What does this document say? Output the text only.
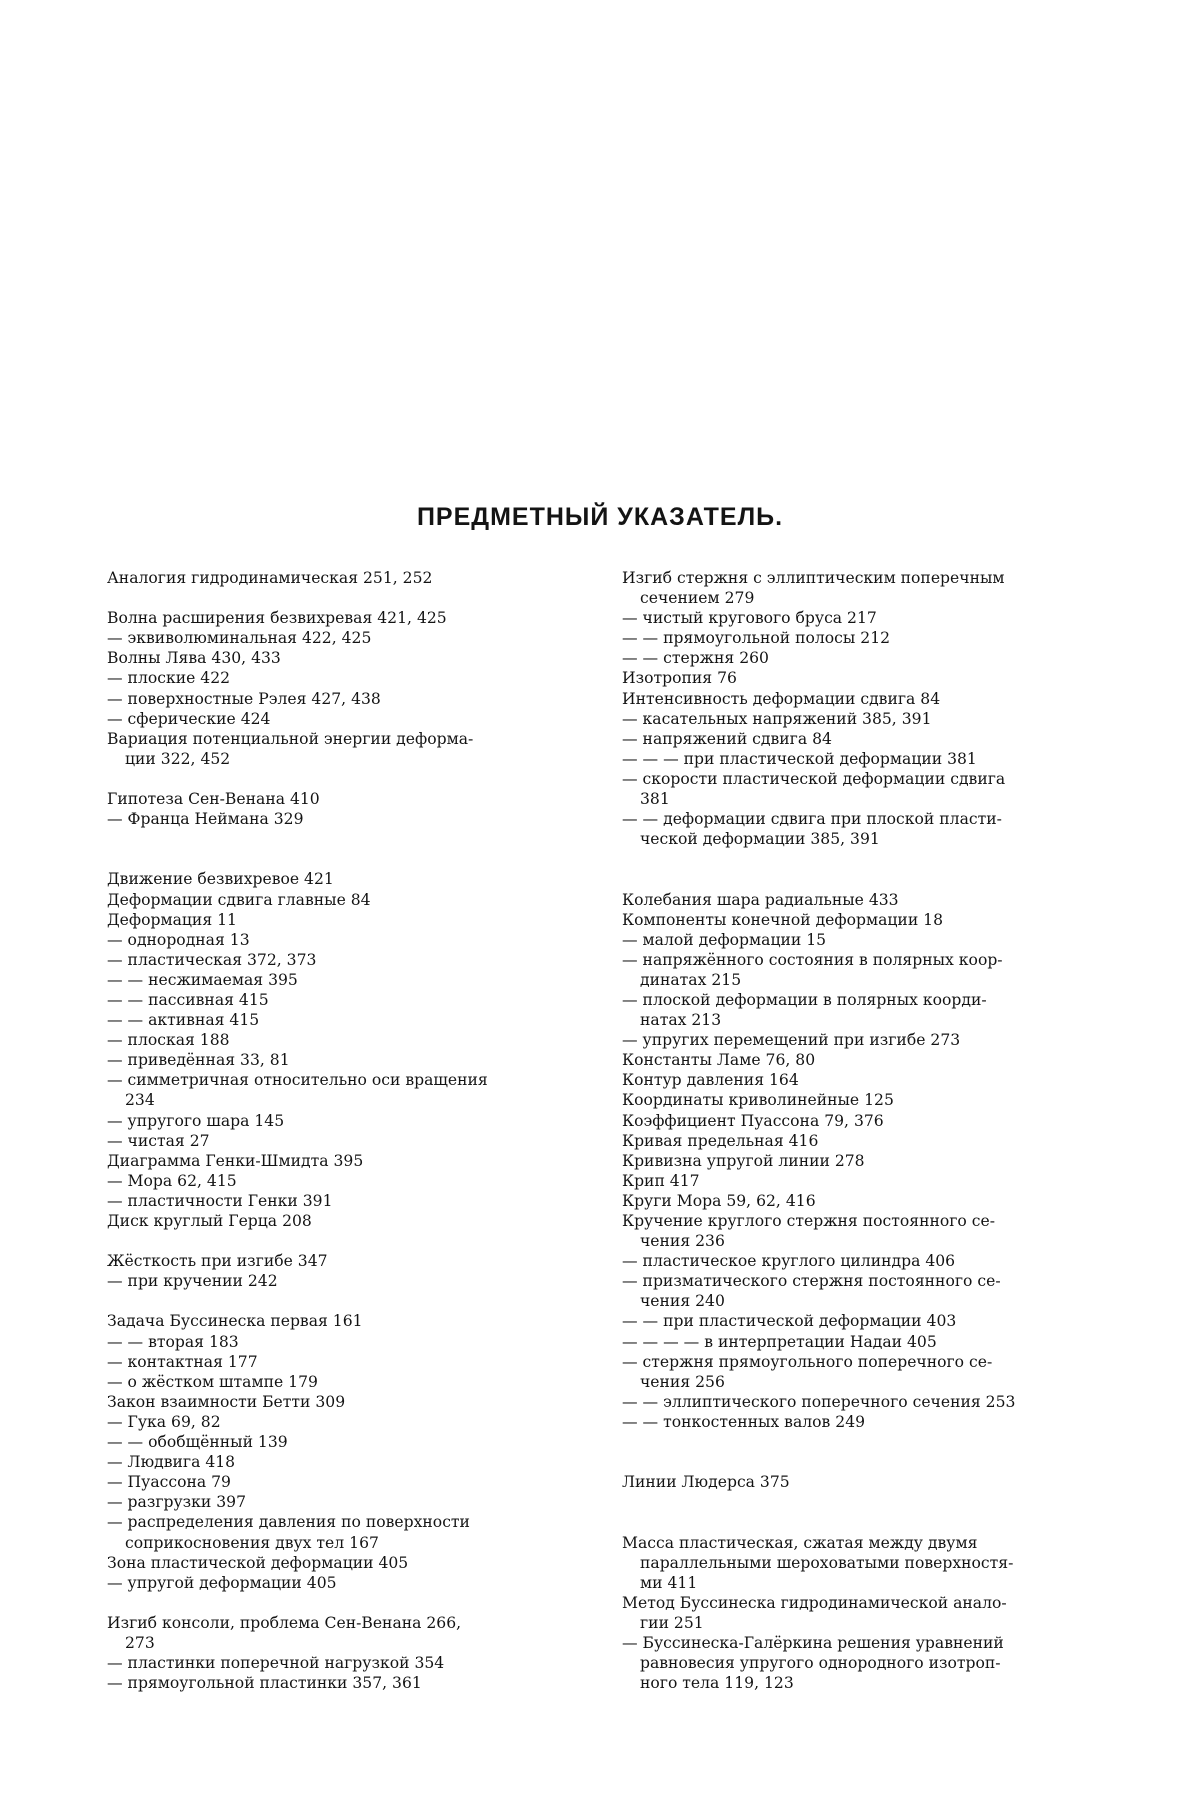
ПРЕДМЕТНЫЙ УКАЗАТЕЛЬ.
Аналогия гидродинамическая 251, 252
Волна расширения безвихревая 421, 425
— эквиволюминальная 422, 425
Волны Лява 430, 433
— плоские 422
— поверхностные Рэлея 427, 438
— сферические 424
Вариация потенциальной энергии деформа-
ции 322, 452
Гипотеза Сен-Венана 410
— Франца Неймана 329
Движение безвихревое 421
Деформации сдвига главные 84
Деформация 11
— однородная 13
— пластическая 372, 373
— — несжимаемая 395
— — пассивная 415
— — активная 415
— плоская 188
— приведённая 33, 81
— симметричная относительно оси вращения
234
— упругого шара 145
— чистая 27
Диаграмма Генки-Шмидта 395
— Мора 62, 415
— пластичности Генки 391
Диск круглый Герца 208
Жёсткость при изгибе 347
— при кручении 242
Задача Буссинеска первая 161
— — вторая 183
— контактная 177
— о жёстком штампе 179
Закон взаимности Бетти 309
— Гука 69, 82
— — обобщённый 139
— Людвига 418
— Пуассона 79
— разгрузки 397
— распределения давления по поверхности
соприкосновения двух тел 167
Зона пластической деформации 405
— упругой деформации 405
Изгиб консоли, проблема Сен-Венана 266,
273
— пластинки поперечной нагрузкой 354
— прямоугольной пластинки 357, 361
Изгиб стержня с эллиптическим поперечным
сечением 279
— чистый кругового бруса 217
— — прямоугольной полосы 212
— — стержня 260
Изотропия 76
Интенсивность деформации сдвига 84
— касательных напряжений 385, 391
— напряжений сдвига 84
— — — при пластической деформации 381
— скорости пластической деформации сдвига
381
— — деформации сдвига при плоской пласти-
ческой деформации 385, 391
Колебания шара радиальные 433
Компоненты конечной деформации 18
— малой деформации 15
— напряжённого состояния в полярных коор-
динатах 215
— плоской деформации в полярных коорди-
натах 213
— упругих перемещений при изгибе 273
Константы Ламе 76, 80
Контур давления 164
Координаты криволинейные 125
Коэффициент Пуассона 79, 376
Кривая предельная 416
Кривизна упругой линии 278
Крип 417
Круги Мора 59, 62, 416
Кручение круглого стержня постоянного се-
чения 236
— пластическое круглого цилиндра 406
— призматического стержня постоянного се-
чения 240
— — при пластической деформации 403
— — — — в интерпретации Надаи 405
— стержня прямоугольного поперечного се-
чения 256
— — эллиптического поперечного сечения 253
— — тонкостенных валов 249
Линии Людерса 375
Масса пластическая, сжатая между двумя
параллельными шероховатыми поверхностя-
ми 411
Метод Буссинеска гидродинамической анало-
гии 251
— Буссинеска-Галёркина решения уравнений
равновесия упругого однородного изотроп-
ного тела 119, 123
